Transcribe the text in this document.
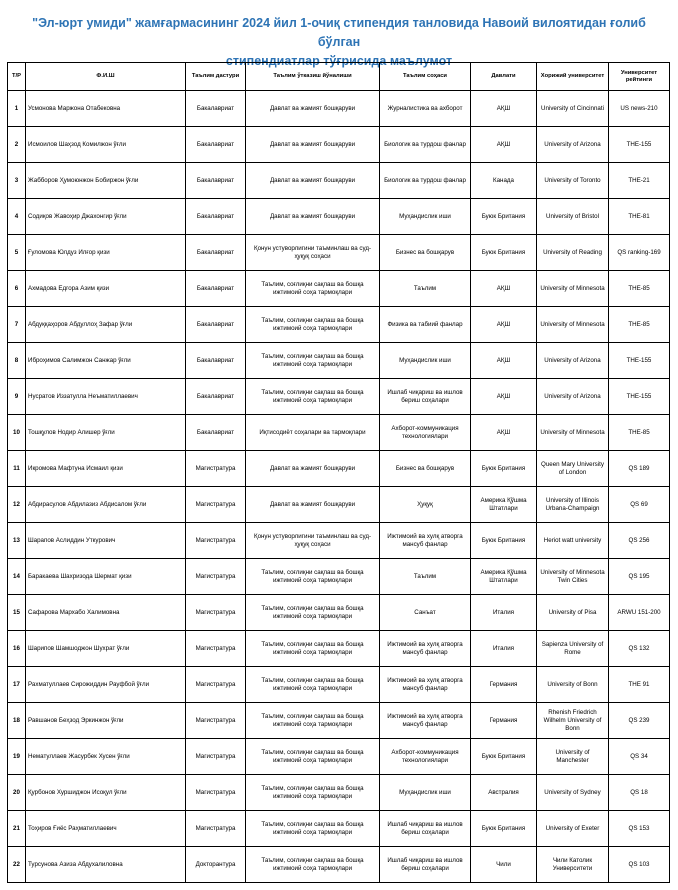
"Эл-юрт умиди" жамғармасининг 2024 йил 1-очиқ стипендия танловида Навоий вилоятидан ғолиб бўлган
стипендиатлар тўғрисида маълумот
Т/Р	Ф.И.Ш	Таълим дастури	Таълим ўтказиш йўналиши	Таълим соҳаси	Давлати	Хорижий университет	Университет рейтинги
1	Усмонова Маржона Отабековна	Бакалавриат	Давлат ва жамият бошқаруви	Журналистика ва ахборот	АҚШ	University of Cincinnati	US news-210
2	Исмоилов Шаҳзод Комилжон ўғли	Бакалавриат	Давлат ва жамият бошқаруви	Биологик ва турдош фанлар	АҚШ	University of Arizona	THE-155
3	Жабборов Ҳумоюнжон Бобиржон ўғли	Бакалавриат	Давлат ва жамият бошқаруви	Биологик ва турдош фанлар	Канада	University of Toronto	THE-21
4	Содиқов Жавоҳир Джахонгир ўғли	Бакалавриат	Давлат ва жамият бошқаруви	Муҳандислик иши	Буюк Британия	University of Bristol	THE-81
5	Ғуломова Юлдуз Илғор қизи	Бакалавриат	Қонун устуворлигини таъминлаш ва суд-ҳуқуқ соҳаси	Бизнес ва бошқарув	Буюк Британия	University of Reading	QS ranking-169
6	Ахмадова Едгора Азим қизи	Бакалавриат	Таълим, соғлиқни сақлаш ва бошқа ижтимоий соҳа тармоқлари	Таълим	АҚШ	University of Minnesota	THE-85
7	Абдуққаҳоров Абдуллоҳ Зафар ўғли	Бакалавриат	Таълим, соғлиқни сақлаш ва бошқа ижтимоий соҳа тармоқлари	Физика ва табиий фанлар	АҚШ	University of Minnesota	THE-85
8	Иброҳимов Салимжон Санжар ўғли	Бакалавриат	Таълим, соғлиқни сақлаш ва бошқа ижтимоий соҳа тармоқлари	Муҳандислик иши	АҚШ	University of Arizona	THE-155
9	Нусратов Иззатулла Неъматиллаевич	Бакалавриат	Таълим, соғлиқни сақлаш ва бошқа ижтимоий соҳа тармоқлари	Ишлаб чиқариш ва ишлов бериш соҳалари	АҚШ	University of Arizona	THE-155
10	Тошқулов Нодир Алишер ўғли	Бакалавриат	Иқтисодиёт соҳалари ва тармоқлари	Ахборот-коммуникация технологиялари	АҚШ	University of Minnesota	THE-85
11	Икромова Мафтуна Исмаил қизи	Магистратура	Давлат ва жамият бошқаруви	Бизнес ва бошқарув	Буюк Британия	Queen Mary University of London	QS 189
12	Абдирасулов Абдилазиз Абдисалом ўғли	Магистратура	Давлат ва жамият бошқаруви	Ҳуқуқ	Америка Қўшма Штатлари	University of Illinois Urbana-Champaign	QS 69
13	Шарапов Аслиддин Уткурович	Магистратура	Қонун устуворлигини таъминлаш ва суд-ҳуқуқ соҳаси	Ижтимоий ва хулқ атворга мансуб фанлар	Буюк Британия	Heriot watt university	QS 256
14	Баракаева Шахризода Шермат қизи	Магистратура	Таълим, соғлиқни сақлаш ва бошқа ижтимоий соҳа тармоқлари	Таълим	Америка Қўшма Штатлари	University of Minnesota Twin Cities	QS 195
15	Сафарова Мархабо Халимовна	Магистратура	Таълим, соғлиқни сақлаш ва бошқа ижтимоий соҳа тармоқлари	Санъат	Италия	University of Pisa	ARWU 151-200
16	Шарипов Шамшоджон Шухрат ўғли	Магистратура	Таълим, соғлиқни сақлаш ва бошқа ижтимоий соҳа тармоқлари	Ижтимоий ва хулқ атворга мансуб фанлар	Италия	Sapienza University of Rome	QS 132
17	Рахматуллаев Сирожиддин Рауфбой ўғли	Магистратура	Таълим, соғлиқни сақлаш ва бошқа ижтимоий соҳа тармоқлари	Ижтимоий ва хулқ атворга мансуб фанлар	Германия	University of Bonn	THE 91
18	Равшанов Беҳзод Эркинжон ўғли	Магистратура	Таълим, соғлиқни сақлаш ва бошқа ижтимоий соҳа тармоқлари	Ижтимоий ва хулқ атворга мансуб фанлар	Германия	Rhenish Friedrich Wilhelm University of Bonn	QS 239
19	Нематуллаев Жасурбек Хусен ўғли	Магистратура	Таълим, соғлиқни сақлаш ва бошқа ижтимоий соҳа тармоқлари	Ахборот-коммуникация технологиялари	Буюк Британия	University of Manchester	QS 34
20	Қурбонов Хуршиджон Исоқул ўғли	Магистратура	Таълим, соғлиқни сақлаш ва бошқа ижтимоий соҳа тармоқлари	Муҳандислик иши	Австралия	University of Sydney	QS 18
21	Тоҳиров Ғиёс Раҳматиллаевич	Магистратура	Таълим, соғлиқни сақлаш ва бошқа ижтимоий соҳа тармоқлари	Ишлаб чиқариш ва ишлов бериш соҳалари	Буюк Британия	University of Exeter	QS 153
22	Турсунова Азиза Абдухалиловна	Докторантура	Таълим, соғлиқни сақлаш ва бошқа ижтимоий соҳа тармоқлари	Ишлаб чиқариш ва ишлов бериш соҳалари	Чили	Чили Католик Университети	QS 103
